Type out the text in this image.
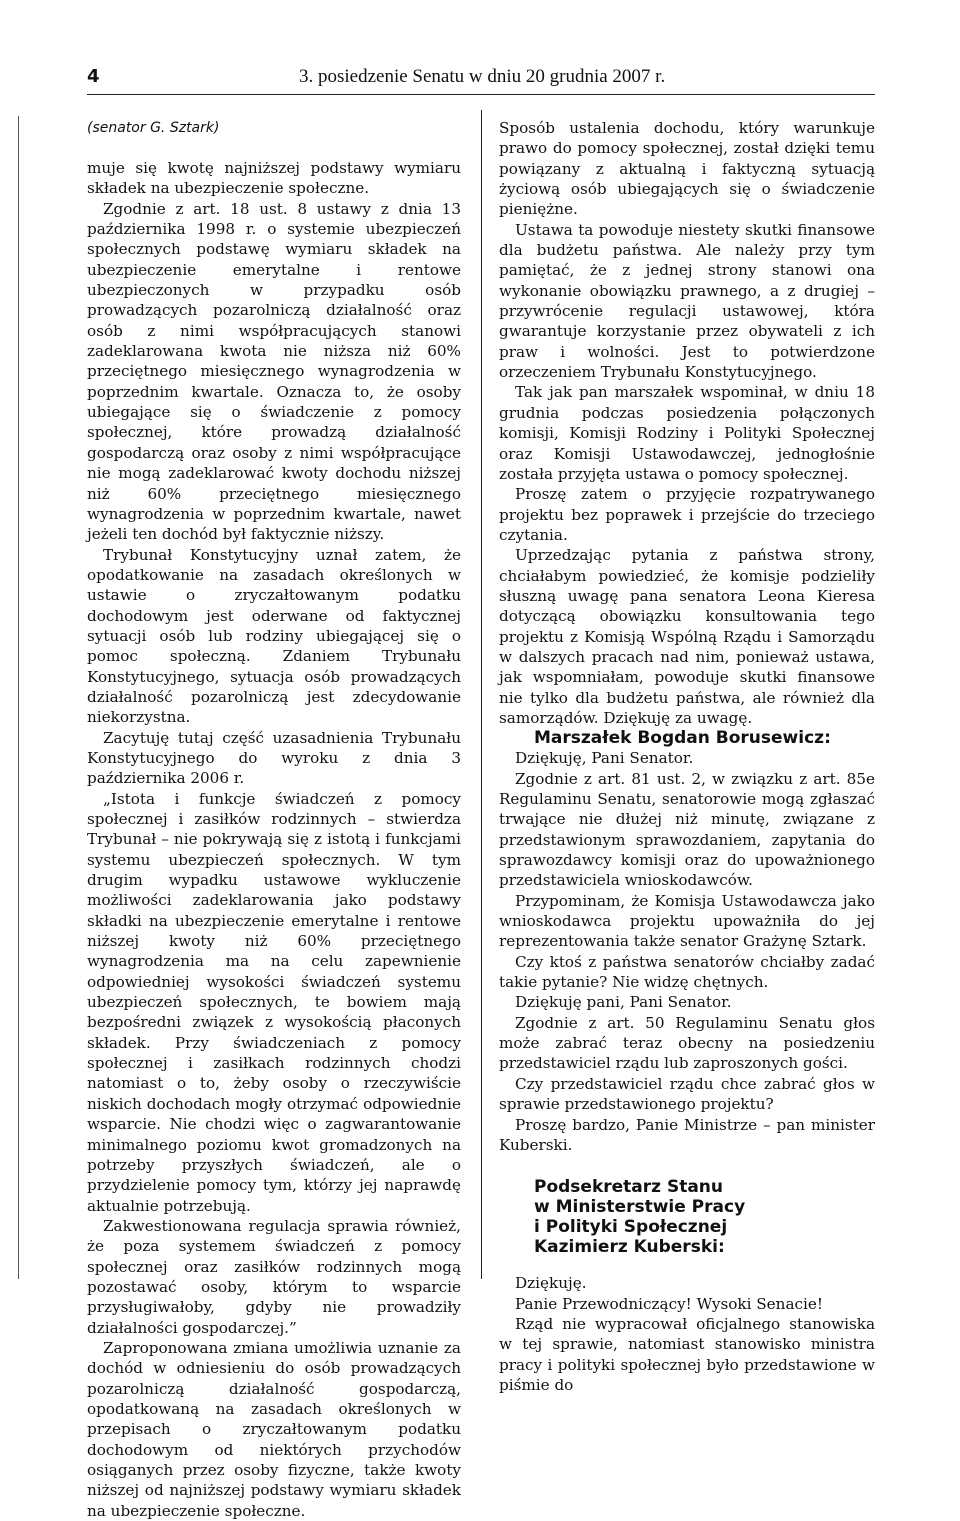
4	3. posiedzenie Senatu w dniu 20 grudnia 2007 r.
(senator G. Sztark)

muje się kwotę najniższej podstawy wymiaru składek na ubezpieczenie społeczne.

Zgodnie z art. 18 ust. 8 ustawy z dnia 13 października 1998 r. o systemie ubezpieczeń społecznych podstawę wymiaru składek na ubezpieczenie emerytalne i rentowe ubezpieczonych w przypadku osób prowadzących pozarolniczą działalność oraz osób z nimi współpracujących stanowi zadeklarowana kwota nie niższa niż 60% przeciętnego miesięcznego wynagrodzenia w poprzednim kwartale. Oznacza to, że osoby ubiegające się o świadczenie z pomocy społecznej, które prowadzą działalność gospodarczą oraz osoby z nimi współpracujące nie mogą zadeklarować kwoty dochodu niższej niż 60% przeciętnego miesięcznego wynagrodzenia w poprzednim kwartale, nawet jeżeli ten dochód był faktycznie niższy.

Trybunał Konstytucyjny uznał zatem, że opodatkowanie na zasadach określonych w ustawie o zryczałtowanym podatku dochodowym jest oderwane od faktycznej sytuacji osób lub rodziny ubiegającej się o pomoc społeczną. Zdaniem Trybunału Konstytucyjnego, sytuacja osób prowadzących działalność pozarolniczą jest zdecydowanie niekorzystna.

Zacytuję tutaj część uzasadnienia Trybunału Konstytucyjnego do wyroku z dnia 3 października 2006 r.

„Istota i funkcje świadczeń z pomocy społecznej i zasiłków rodzinnych – stwierdza Trybunał – nie pokrywają się z istotą i funkcjami systemu ubezpieczeń społecznych. W tym drugim wypadku ustawowe wykluczenie możliwości zadeklarowania jako podstawy składki na ubezpieczenie emerytalne i rentowe niższej kwoty niż 60% przeciętnego wynagrodzenia ma na celu zapewnienie odpowiedniej wysokości świadczeń systemu ubezpieczeń społecznych, te bowiem mają bezpośredni związek z wysokością płaconych składek. Przy świadczeniach z pomocy społecznej i zasiłkach rodzinnych chodzi natomiast o to, żeby osoby o rzeczywiście niskich dochodach mogły otrzymać odpowiednie wsparcie. Nie chodzi więc o zagwarantowanie minimalnego poziomu kwot gromadzonych na potrzeby przyszłych świadczeń, ale o przydzielenie pomocy tym, którzy jej naprawdę aktualnie potrzebują.

Zakwestionowana regulacja sprawia również, że poza systemem świadczeń z pomocy społecznej oraz zasiłków rodzinnych mogą pozostawać osoby, którym to wsparcie przysługiwałoby, gdyby nie prowadziły działalności gospodarczej.”

Zaproponowana zmiana umożliwia uznanie za dochód w odniesieniu do osób prowadzących pozarolniczą działalność gospodarczą, opodatkowaną na zasadach określonych w przepisach o zryczałtowanym podatku dochodowym od niektórych przychodów osiąganych przez osoby fizyczne, także kwoty niższej od najniższej podstawy wymiaru składek na ubezpieczenie społeczne.

Sposób ustalenia dochodu, który warunkuje prawo do pomocy społecznej, został dzięki temu powiązany z aktualną i faktyczną sytuacją życiową osób ubiegających się o świadczenie pieniężne.

Ustawa ta powoduje niestety skutki finansowe dla budżetu państwa. Ale należy przy tym pamiętać, że z jednej strony stanowi ona wykonanie obowiązku prawnego, a z drugiej – przywrócenie regulacji ustawowej, która gwarantuje korzystanie przez obywateli z ich praw i wolności. Jest to potwierdzone orzeczeniem Trybunału Konstytucyjnego.

Tak jak pan marszałek wspominał, w dniu 18 grudnia podczas posiedzenia połączonych komisji, Komisji Rodziny i Polityki Społecznej oraz Komisji Ustawodawczej, jednogłośnie została przyjęta ustawa o pomocy społecznej.

Proszę zatem o przyjęcie rozpatrywanego projektu bez poprawek i przejście do trzeciego czytania.

Uprzedzając pytania z państwa strony, chciałabym powiedzieć, że komisje podzieliły słuszną uwagę pana senatora Leona Kieresa dotyczącą obowiązku konsultowania tego projektu z Komisją Wspólną Rządu i Samorządu w dalszych pracach nad nim, ponieważ ustawa, jak wspomniałam, powoduje skutki finansowe nie tylko dla budżetu państwa, ale również dla samorządów. Dziękuję za uwagę.

Marszałek Bogdan Borusewicz:

Dziękuję, Pani Senator.

Zgodnie z art. 81 ust. 2, w związku z art. 85e Regulaminu Senatu, senatorowie mogą zgłaszać trwające nie dłużej niż minutę, związane z przedstawionym sprawozdaniem, zapytania do sprawozdawcy komisji oraz do upoważnionego przedstawiciela wnioskodawców.

Przypominam, że Komisja Ustawodawcza jako wnioskodawca projektu upoważniła do jej reprezentowania także senator Grażynę Sztark.

Czy ktoś z państwa senatorów chciałby zadać takie pytanie? Nie widzę chętnych.

Dziękuję pani, Pani Senator.

Zgodnie z art. 50 Regulaminu Senatu głos może zabrać teraz obecny na posiedzeniu przedstawiciel rządu lub zaproszonych gości.

Czy przedstawiciel rządu chce zabrać głos w sprawie przedstawionego projektu?

Proszę bardzo, Panie Ministrze – pan minister Kuberski.

Podsekretarz Stanu

w Ministerstwie Pracy

i Polityki Społecznej

Kazimierz Kuberski:

Dziękuję.

Panie Przewodniczący! Wysoki Senacie!

Rząd nie wypracował oficjalnego stanowiska w tej sprawie, natomiast stanowisko ministra pracy i polityki społecznej było przedstawione w piśmie do
